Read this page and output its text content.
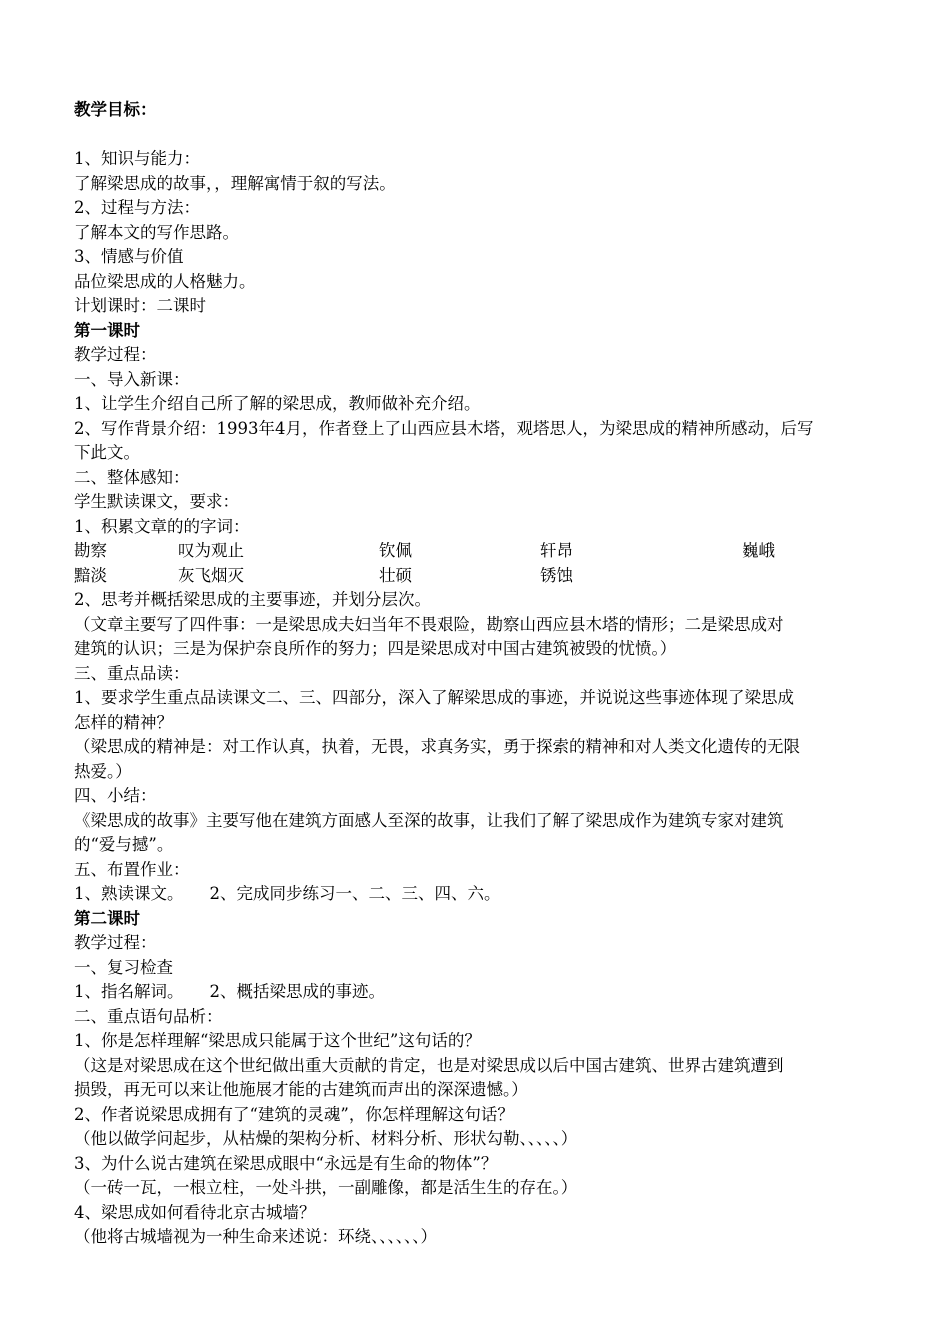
教学目标：
1、知识与能力：
了解梁思成的故事，，理解寓情于叙的写法。
2、过程与方法：
了解本文的写作思路。
3、情感与价值
品位梁思成的人格魅力。
计划课时：二课时
第一课时
教学过程：
一、导入新课：
1、让学生介绍自己所了解的梁思成，教师做补充介绍。
2、写作背景介绍：1993年4月，作者登上了山西应县木塔，观塔思人，为梁思成的精神所感动，后写
下此文。
二、整体感知：
学生默读课文，要求：
1、积累文章的的字词：
勘察	叹为观止	钦佩	轩昂	巍峨
黯淡	灰飞烟灭	壮硕	锈蚀
2、思考并概括梁思成的主要事迹，并划分层次。
（文章主要写了四件事：一是梁思成夫妇当年不畏艰险，勘察山西应县木塔的情形；二是梁思成对
建筑的认识；三是为保护奈良所作的努力；四是梁思成对中国古建筑被毁的忧愤。）
三、重点品读：
1、要求学生重点品读课文二、三、四部分，深入了解梁思成的事迹，并说说这些事迹体现了梁思成
怎样的精神？
（梁思成的精神是：对工作认真，执着，无畏，求真务实，勇于探索的精神和对人类文化遗传的无限
热爱。）
四、小结：
《梁思成的故事》主要写他在建筑方面感人至深的故事，让我们了解了梁思成作为建筑专家对建筑
的“爱与撼”。
五、布置作业：
1、熟读课文。 2、完成同步练习一、二、三、四、六。
第二课时
教学过程：
一、复习检查
1、指名解词。 2、概括梁思成的事迹。
二、重点语句品析：
1、你是怎样理解“梁思成只能属于这个世纪”这句话的？
（这是对梁思成在这个世纪做出重大贡献的肯定，也是对梁思成以后中国古建筑、世界古建筑遭到
损毁，再无可以来让他施展才能的古建筑而声出的深深遗憾。）
2、作者说梁思成拥有了“建筑的灵魂”，你怎样理解这句话？
（他以做学问起步，从枯燥的架构分析、材料分析、形状勾勒、、、、、）
3、为什么说古建筑在梁思成眼中“永远是有生命的物体”？
（一砖一瓦，一根立柱，一处斗拱，一副雕像，都是活生生的存在。）
4、梁思成如何看待北京古城墙？
（他将古城墙视为一种生命来述说：环绕、、、、、、）
